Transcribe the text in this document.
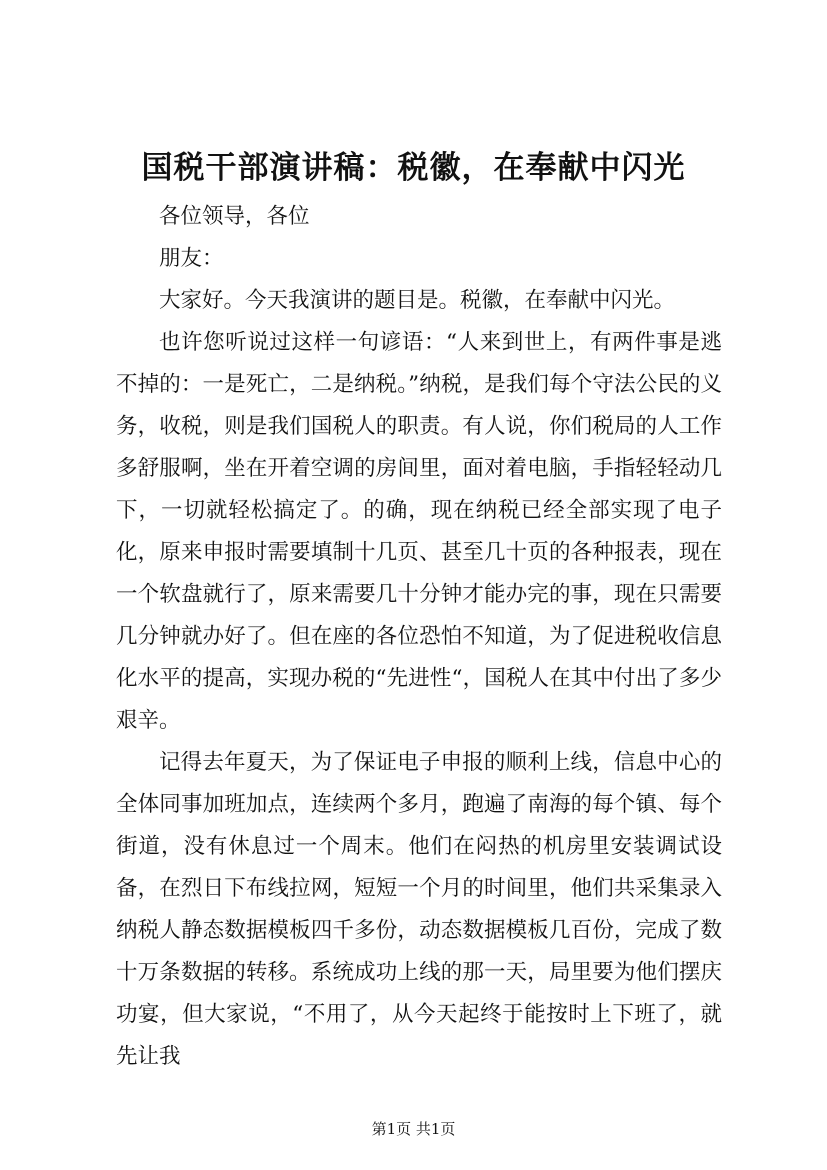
国税干部演讲稿：税徽，在奉献中闪光

各位领导，各位

朋友：

大家好。今天我演讲的题目是。税徽，在奉献中闪光。

也许您听说过这样一句谚语：“人来到世上，有两件事是逃不掉的：一是死亡，二是纳税。”纳税，是我们每个守法公民的义务，收税，则是我们国税人的职责。有人说，你们税局的人工作多舒服啊，坐在开着空调的房间里，面对着电脑，手指轻轻动几下，一切就轻松搞定了。的确，现在纳税已经全部实现了电子化，原来申报时需要填制十几页、甚至几十页的各种报表，现在一个软盘就行了，原来需要几十分钟才能办完的事，现在只需要几分钟就办好了。但在座的各位恐怕不知道，为了促进税收信息化水平的提高，实现办税的“先进性“，国税人在其中付出了多少艰辛。

记得去年夏天，为了保证电子申报的顺利上线，信息中心的全体同事加班加点，连续两个多月，跑遍了南海的每个镇、每个街道，没有休息过一个周末。他们在闷热的机房里安装调试设备，在烈日下布线拉网，短短一个月的时间里，他们共采集录入纳税人静态数据模板四千多份，动态数据模板几百份，完成了数十万条数据的转移。系统成功上线的那一天，局里要为他们摆庆功宴，但大家说，“不用了，从今天起终于能按时上下班了，就先让我

第1页 共1页
